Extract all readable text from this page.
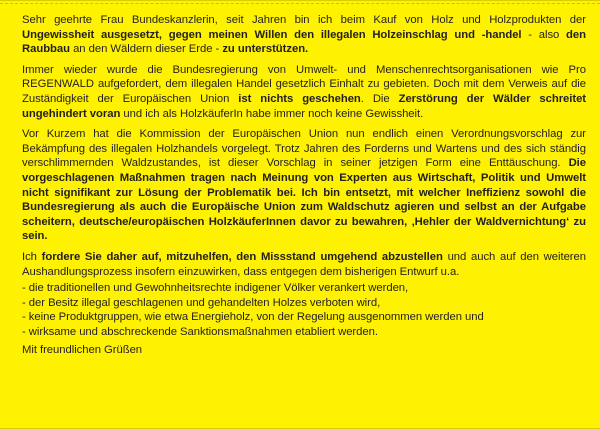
Sehr geehrte Frau Bundeskanzlerin, seit Jahren bin ich beim Kauf von Holz und Holzprodukten der Ungewissheit ausgesetzt, gegen meinen Willen den illegalen Holzeinschlag und -handel - also den Raubbau an den Wäldern dieser Erde - zu unterstützen.

Immer wieder wurde die Bundesregierung von Umwelt- und Menschenrechtsorganisationen wie Pro REGENWALD aufgefordert, dem illegalen Handel gesetzlich Einhalt zu gebieten. Doch mit dem Verweis auf die Zuständigkeit der Europäischen Union ist nichts geschehen. Die Zerstörung der Wälder schreitet ungehindert voran und ich als HolzkäuferIn habe immer noch keine Gewissheit.

Vor Kurzem hat die Kommission der Europäischen Union nun endlich einen Verordnungsvorschlag zur Bekämpfung des illegalen Holzhandels vorgelegt. Trotz Jahren des Forderns und Wartens und des sich ständig verschlimmernden Waldzustandes, ist dieser Vorschlag in seiner jetzigen Form eine Enttäuschung. Die vorgeschlagenen Maßnahmen tragen nach Meinung von Experten aus Wirtschaft, Politik und Umwelt nicht signifikant zur Lösung der Problematik bei. Ich bin entsetzt, mit welcher Ineffizienz sowohl die Bundesregierung als auch die Europäische Union zum Waldschutz agieren und selbst an der Aufgabe scheitern, deutsche/europäischen HolzkäuferInnen davor zu bewahren, ‚Hehler der Waldvernichtung‘ zu sein.

Ich fordere Sie daher auf, mitzuhelfen, den Missstand umgehend abzustellen und auch auf den weiteren Aushandlungsprozess insofern einzuwirken, dass entgegen dem bisherigen Entwurf u.a.

- die traditionellen und Gewohnheitsrechte indigener Völker verankert werden,
- der Besitz illegal geschlagenen und gehandelten Holzes verboten wird,
- keine Produktgruppen, wie etwa Energieholz, von der Regelung ausgenommen werden und
- wirksame und abschreckende Sanktionsmaßnahmen etabliert werden.
Mit freundlichen Grüßen
